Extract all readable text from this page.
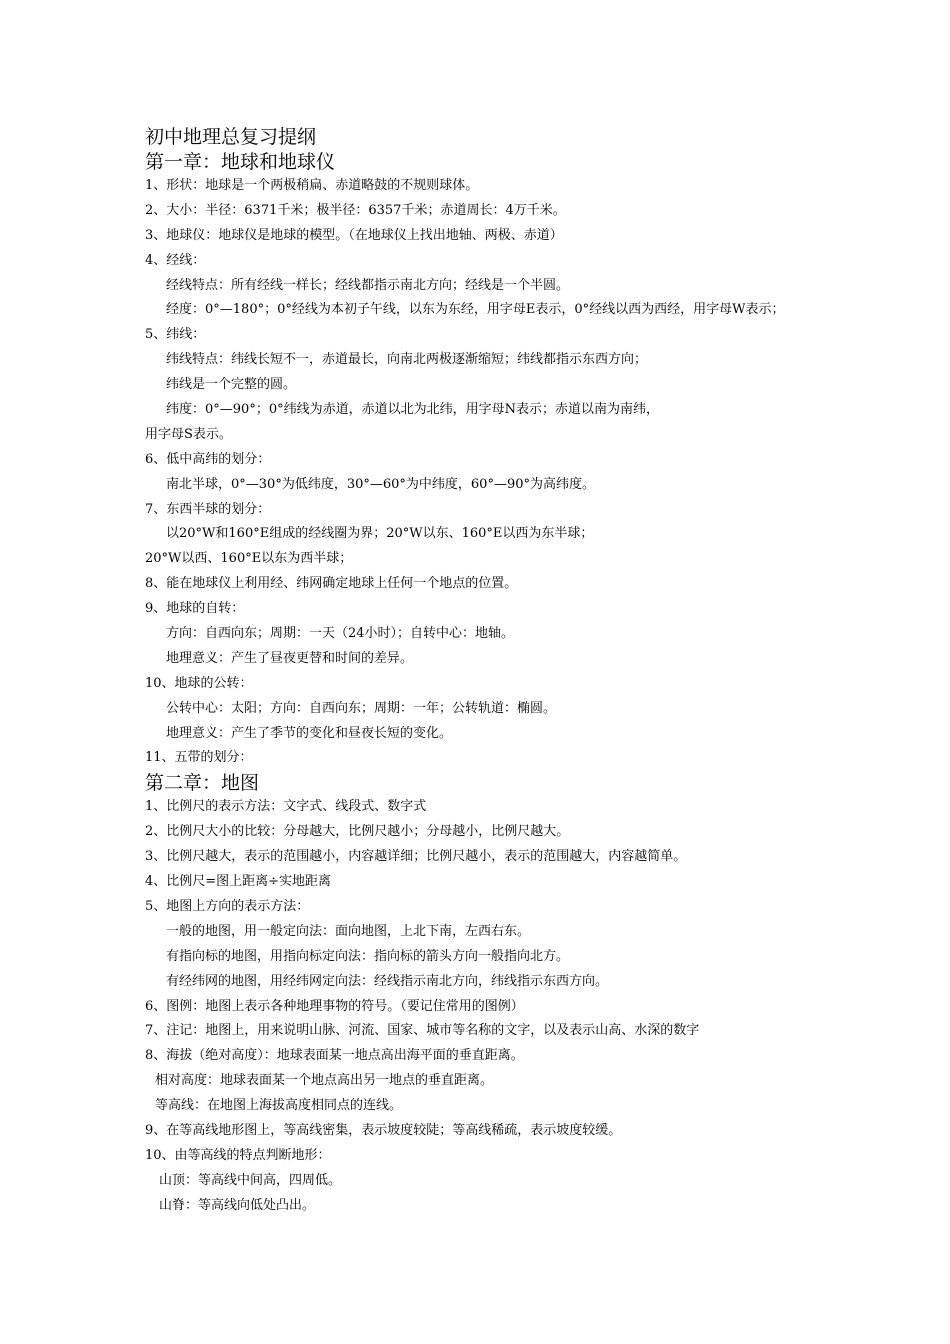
初中地理总复习提纲
第一章：地球和地球仪
1、形状：地球是一个两极稍扁、赤道略鼓的不规则球体。
2、大小：半径：6371千米；极半径：6357千米；赤道周长：4万千米。
3、地球仪：地球仪是地球的模型。（在地球仪上找出地轴、两极、赤道）
4、经线：
经线特点：所有经线一样长；经线都指示南北方向；经线是一个半圆。
经度：0°—180°；0°经线为本初子午线，以东为东经，用字母E表示，0°经线以西为西经，用字母W表示；
5、纬线：
纬线特点：纬线长短不一，赤道最长，向南北两极逐渐缩短；纬线都指示东西方向；
纬线是一个完整的圆。
纬度：0°—90°；0°纬线为赤道，赤道以北为北纬，用字母N表示；赤道以南为南纬，
用字母S表示。
6、低中高纬的划分：
南北半球，0°—30°为低纬度，30°—60°为中纬度，60°—90°为高纬度。
7、东西半球的划分：
以20°W和160°E组成的经线圈为界；20°W以东、160°E以西为东半球；
20°W以西、160°E以东为西半球；
8、能在地球仪上利用经、纬网确定地球上任何一个地点的位置。
9、地球的自转：
方向：自西向东；周期：一天（24小时）；自转中心：地轴。
地理意义：产生了昼夜更替和时间的差异。
10、地球的公转：
公转中心：太阳；方向：自西向东；周期：一年；公转轨道：椭圆。
地理意义：产生了季节的变化和昼夜长短的变化。
11、五带的划分：
第二章：地图
1、比例尺的表示方法：文字式、线段式、数字式
2、比例尺大小的比较：分母越大，比例尺越小；分母越小，比例尺越大。
3、比例尺越大，表示的范围越小，内容越详细；比例尺越小，表示的范围越大，内容越简单。
4、比例尺=图上距离÷实地距离
5、地图上方向的表示方法：
一般的地图，用一般定向法：面向地图，上北下南，左西右东。
有指向标的地图，用指向标定向法：指向标的箭头方向一般指向北方。
有经纬网的地图，用经纬网定向法：经线指示南北方向，纬线指示东西方向。
6、图例：地图上表示各种地理事物的符号。（要记住常用的图例）
7、注记：地图上，用来说明山脉、河流、国家、城市等名称的文字，以及表示山高、水深的数字
8、海拔（绝对高度）：地球表面某一地点高出海平面的垂直距离。
相对高度：地球表面某一个地点高出另一地点的垂直距离。
等高线：在地图上海拔高度相同点的连线。
9、在等高线地形图上，等高线密集，表示坡度较陡；等高线稀疏，表示坡度较缓。
10、由等高线的特点判断地形：
山顶：等高线中间高，四周低。
山脊：等高线向低处凸出。
